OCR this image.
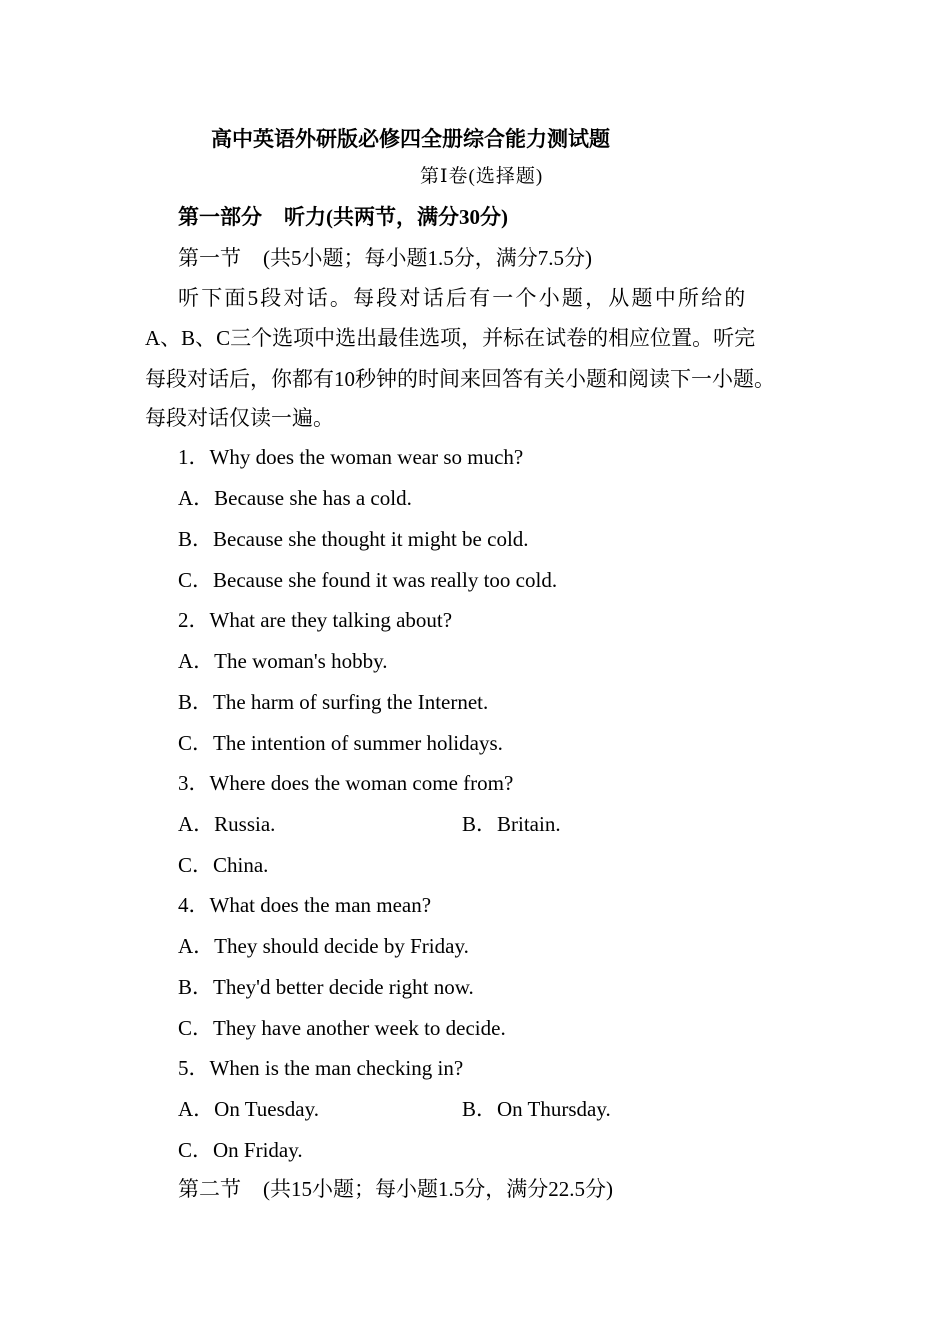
高中英语外研版必修四全册综合能力测试题
第Ⅰ卷(选择题)
第一部分 听力(共两节，满分30分)
第一节 (共5小题；每小题1.5分，满分7.5分)
听下面5段对话。每段对话后有一个小题，从题中所给的
A、B、C三个选项中选出最佳选项，并标在试卷的相应位置。听完
每段对话后，你都有10秒钟的时间来回答有关小题和阅读下一小题。
每段对话仅读一遍。
1．Why does the woman wear so much?
A．Because she has a cold.
B．Because she thought it might be cold.
C．Because she found it was really too cold.
2．What are they talking about?
A．The woman's hobby.
B．The harm of surfing the Internet.
C．The intention of summer holidays.
3．Where does the woman come from?
A．Russia.	B．Britain.
C．China.
4．What does the man mean?
A．They should decide by Friday.
B．They'd better decide right now.
C．They have another week to decide.
5．When is the man checking in?
A．On Tuesday.	B．On Thursday.
C．On Friday.
第二节 (共15小题；每小题1.5分，满分22.5分)
